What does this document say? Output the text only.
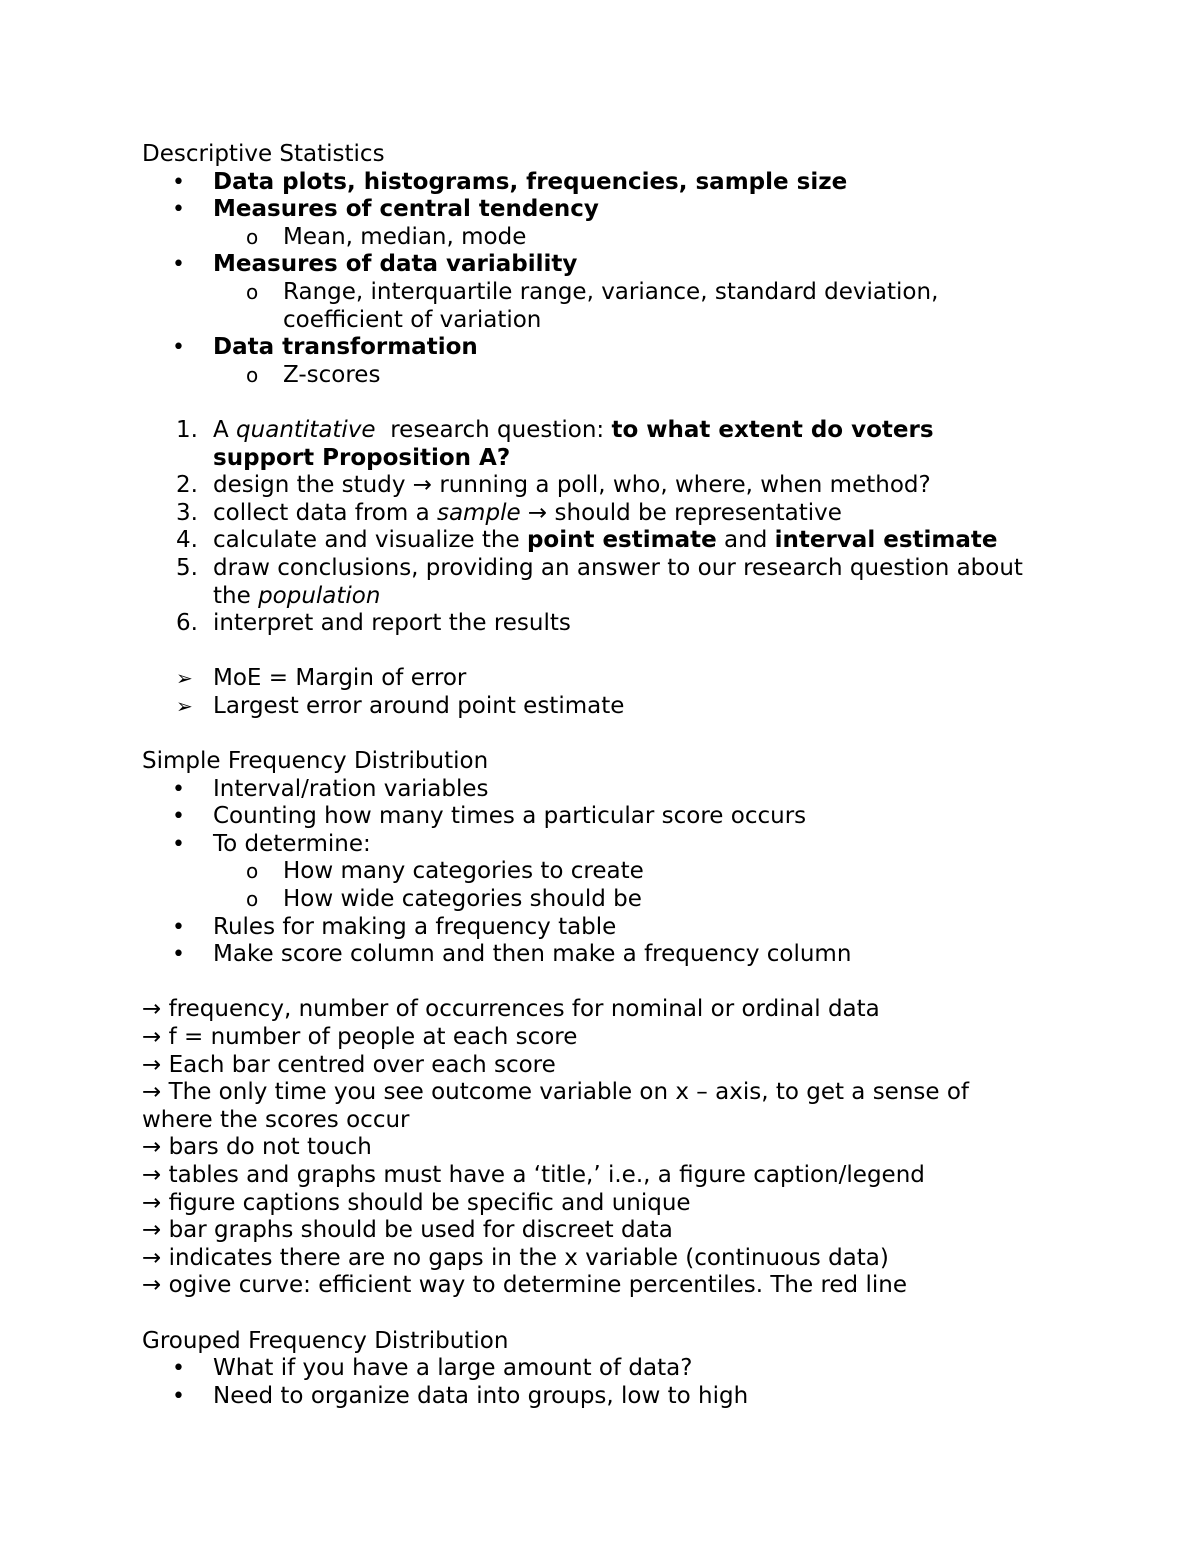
Descriptive Statistics
• Data plots, histograms, frequencies, sample size
• Measures of central tendency
o Mean, median, mode
• Measures of data variability
o Range, interquartile range, variance, standard deviation,
coefficient of variation
• Data transformation
o Z-scores
1. A quantitative  research question: to what extent do voters
support Proposition A?
2. design the study → running a poll, who, where, when method?
3. collect data from a sample → should be representative
4. calculate and visualize the point estimate and interval estimate
5. draw conclusions, providing an answer to our research question about
the population
6. interpret and report the results
➢ MoE = Margin of error
➢ Largest error around point estimate
Simple Frequency Distribution
• Interval/ration variables
• Counting how many times a particular score occurs
• To determine:
o How many categories to create
o How wide categories should be
• Rules for making a frequency table
• Make score column and then make a frequency column
→ frequency, number of occurrences for nominal or ordinal data
→ f = number of people at each score
→ Each bar centred over each score
→ The only time you see outcome variable on x – axis, to get a sense of
where the scores occur
→ bars do not touch
→ tables and graphs must have a ‘title,’ i.e., a figure caption/legend
→ figure captions should be specific and unique
→ bar graphs should be used for discreet data
→ indicates there are no gaps in the x variable (continuous data)
→ ogive curve: efficient way to determine percentiles. The red line
Grouped Frequency Distribution
• What if you have a large amount of data?
• Need to organize data into groups, low to high
